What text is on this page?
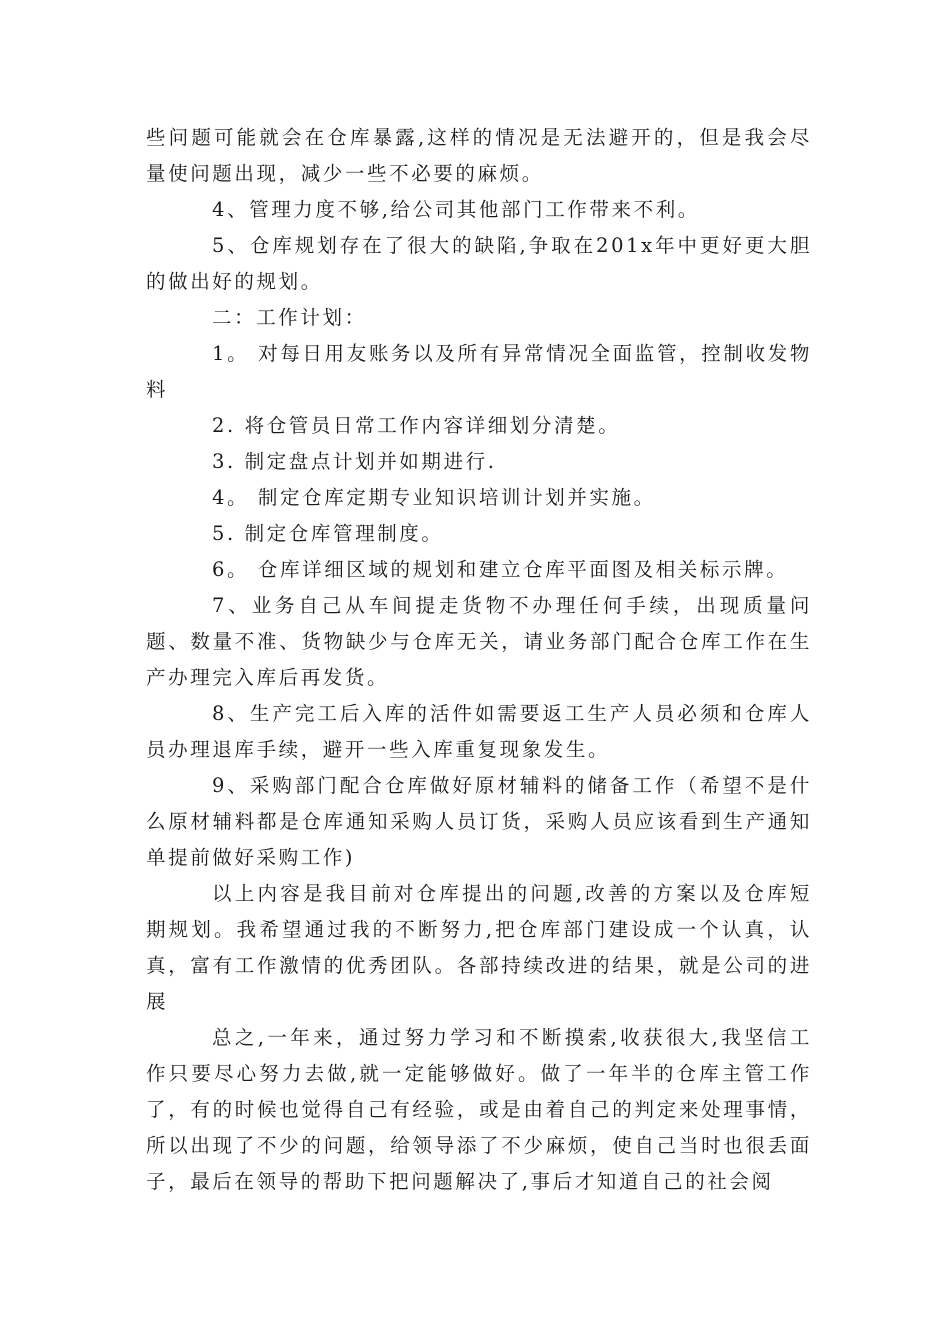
些问题可能就会在仓库暴露,这样的情况是无法避开的，但是我会尽量使问题出现，减少一些不必要的麻烦。

4、管理力度不够,给公司其他部门工作带来不利。

5、仓库规划存在了很大的缺陷,争取在201x年中更好更大胆的做出好的规划。

二：工作计划：

1。 对每日用友账务以及所有异常情况全面监管，控制收发物料

2. 将仓管员日常工作内容详细划分清楚。

3. 制定盘点计划并如期进行.

4。 制定仓库定期专业知识培训计划并实施。

5. 制定仓库管理制度。

6。 仓库详细区域的规划和建立仓库平面图及相关标示牌。

7、业务自己从车间提走货物不办理任何手续，出现质量问题、数量不准、货物缺少与仓库无关，请业务部门配合仓库工作在生产办理完入库后再发货。

8、生产完工后入库的活件如需要返工生产人员必须和仓库人员办理退库手续，避开一些入库重复现象发生。

9、采购部门配合仓库做好原材辅料的储备工作（希望不是什么原材辅料都是仓库通知采购人员订货，采购人员应该看到生产通知单提前做好采购工作)

以上内容是我目前对仓库提出的问题,改善的方案以及仓库短期规划。我希望通过我的不断努力,把仓库部门建设成一个认真，认真，富有工作激情的优秀团队。各部持续改进的结果，就是公司的进展

总之,一年来，通过努力学习和不断摸索,收获很大,我坚信工作只要尽心努力去做,就一定能够做好。做了一年半的仓库主管工作了，有的时候也觉得自己有经验，或是由着自己的判定来处理事情，所以出现了不少的问题，给领导添了不少麻烦，使自己当时也很丢面子，最后在领导的帮助下把问题解决了,事后才知道自己的社会阅
